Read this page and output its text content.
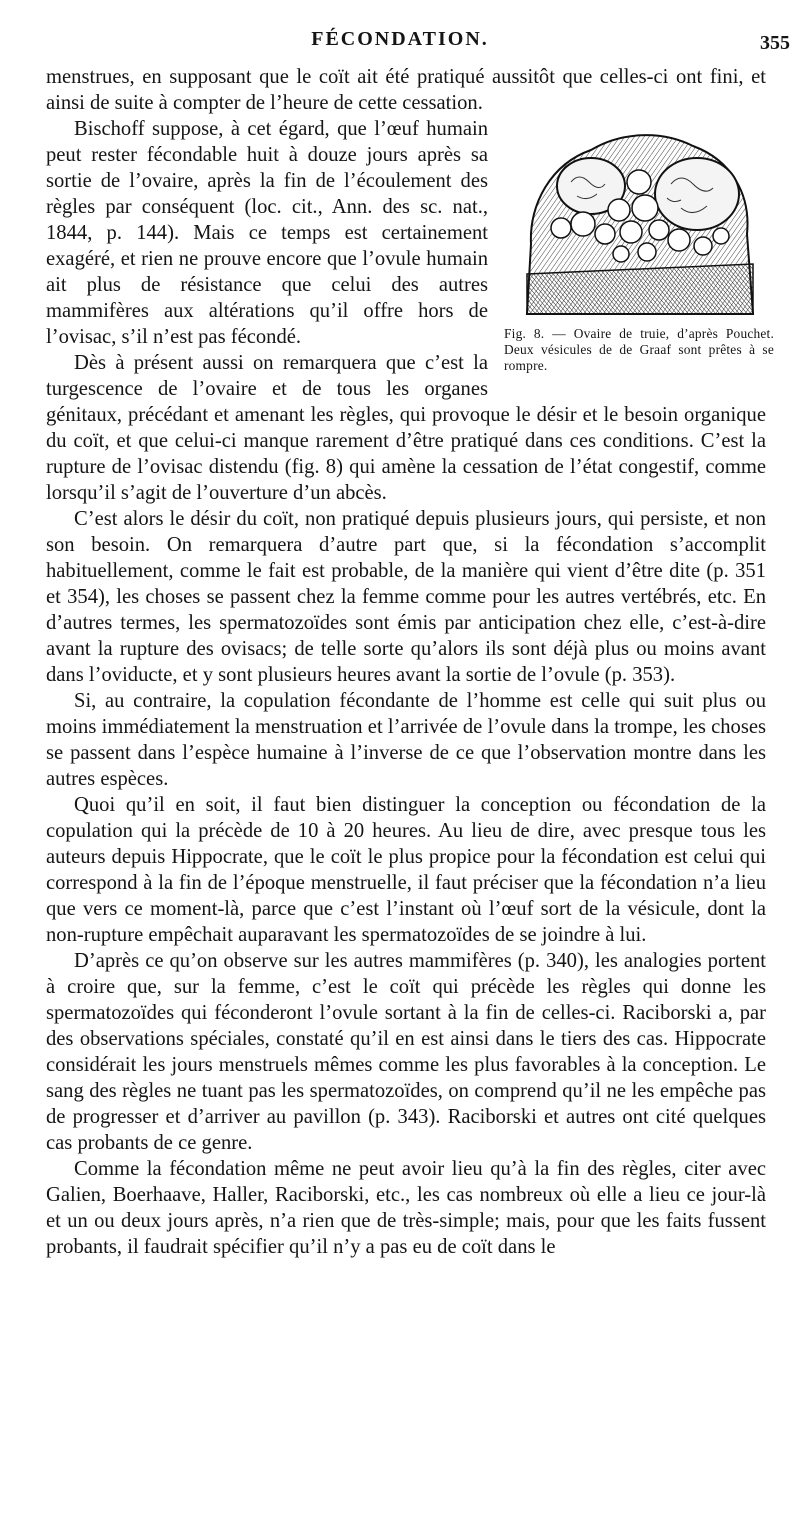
FÉCONDATION.	355

menstrues, en supposant que le coït ait été pratiqué aussitôt que celles-ci ont fini, et ainsi de suite à compter de l’heure de cette cessation.

Fig. 8. — Ovaire de truie, d’après Pouchet. Deux vésicules de de Graaf sont prêtes à se rompre.

Bischoff suppose, à cet égard, que l’œuf humain peut rester fécondable huit à douze jours après sa sortie de l’ovaire, après la fin de l’écoulement des règles par conséquent (loc. cit., Ann. des sc. nat., 1844, p. 144). Mais ce temps est certainement exagéré, et rien ne prouve encore que l’ovule humain ait plus de résistance que celui des autres mammifères aux altérations qu’il offre hors de l’ovisac, s’il n’est pas fécondé.

Dès à présent aussi on remarquera que c’est la turgescence de l’ovaire et de tous les organes génitaux, précédant et amenant les règles, qui provoque le désir et le besoin organique du coït, et que celui-ci manque rarement d’être pratiqué dans ces conditions. C’est la rupture de l’ovisac distendu (fig. 8) qui amène la cessation de l’état congestif, comme lorsqu’il s’agit de l’ouverture d’un abcès.

C’est alors le désir du coït, non pratiqué depuis plusieurs jours, qui persiste, et non son besoin. On remarquera d’autre part que, si la fécondation s’accomplit habituellement, comme le fait est probable, de la manière qui vient d’être dite (p. 351 et 354), les choses se passent chez la femme comme pour les autres vertébrés, etc. En d’autres termes, les spermatozoïdes sont émis par anticipation chez elle, c’est-à-dire avant la rupture des ovisacs; de telle sorte qu’alors ils sont déjà plus ou moins avant dans l’oviducte, et y sont plusieurs heures avant la sortie de l’ovule (p. 353).

Si, au contraire, la copulation fécondante de l’homme est celle qui suit plus ou moins immédiatement la menstruation et l’arrivée de l’ovule dans la trompe, les choses se passent dans l’espèce humaine à l’inverse de ce que l’observation montre dans les autres espèces.

Quoi qu’il en soit, il faut bien distinguer la conception ou fécondation de la copulation qui la précède de 10 à 20 heures. Au lieu de dire, avec presque tous les auteurs depuis Hippocrate, que le coït le plus propice pour la fécondation est celui qui correspond à la fin de l’époque menstruelle, il faut préciser que la fécondation n’a lieu que vers ce moment-là, parce que c’est l’instant où l’œuf sort de la vésicule, dont la non-rupture empêchait auparavant les spermatozoïdes de se joindre à lui.

D’après ce qu’on observe sur les autres mammifères (p. 340), les analogies portent à croire que, sur la femme, c’est le coït qui précède les règles qui donne les spermatozoïdes qui féconderont l’ovule sortant à la fin de celles-ci. Raciborski a, par des observations spéciales, constaté qu’il en est ainsi dans le tiers des cas. Hippocrate considérait les jours menstruels mêmes comme les plus favorables à la conception. Le sang des règles ne tuant pas les spermatozoïdes, on comprend qu’il ne les empêche pas de progresser et d’arriver au pavillon (p. 343). Raciborski et autres ont cité quelques cas probants de ce genre.

Comme la fécondation même ne peut avoir lieu qu’à la fin des règles, citer avec Galien, Boerhaave, Haller, Raciborski, etc., les cas nombreux où elle a lieu ce jour-là et un ou deux jours après, n’a rien que de très-simple; mais, pour que les faits fussent probants, il faudrait spécifier qu’il n’y a pas eu de coït dans le
